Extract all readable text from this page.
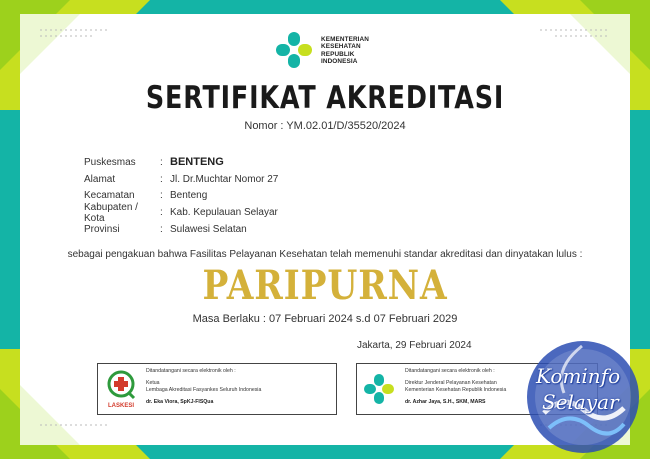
KEMENTERIAN
KESEHATAN
REPUBLIK
INDONESIA
SERTIFIKAT AKREDITASI
Nomor : YM.02.01/D/35520/2024
Puskesmas	: BENTENG
Alamat	: Jl. Dr.Muchtar Nomor 27
Kecamatan	: Benteng
Kabupaten / Kota
: Kab. Kepulauan Selayar
Provinsi	: Sulawesi Selatan
sebagai pengakuan bahwa Fasilitas Pelayanan Kesehatan telah memenuhi standar akreditasi dan dinyatakan lulus :
PARIPURNA
Masa Berlaku : 07 Februari 2024 s.d 07 Februari 2029
Jakarta, 29 Februari 2024
LASKESI
Ditandatangani secara elektronik oleh :
Ketua
Lembaga Akreditasi Fasyankes Seluruh Indonesia
dr. Eka Viora, SpKJ-FISQua
Ditandatangani secara elektronik oleh :
Direktur Jenderal Pelayanan Kesehatan
Kementerian Kesehatan Republik Indonesia
dr. Azhar Jaya, S.H., SKM, MARS
Kominfo
Selayar
